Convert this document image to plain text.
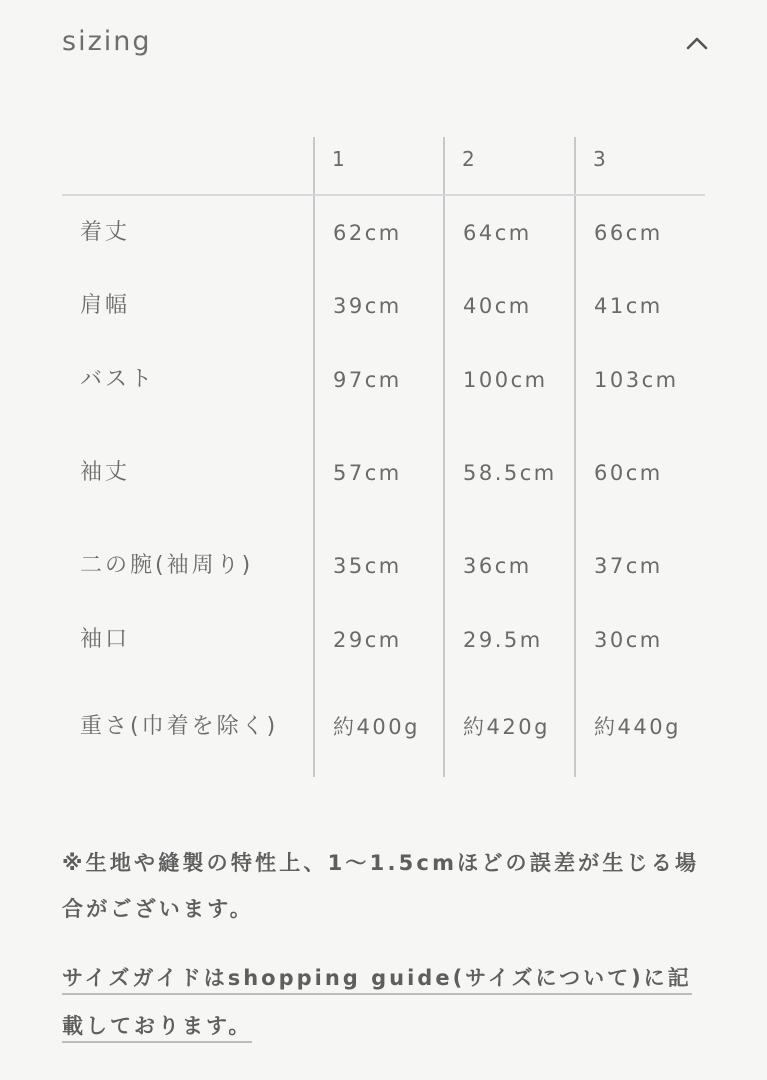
sizing
	1	2	3
着丈	62cm	64cm	66cm
肩幅	39cm	40cm	41cm
バスト	97cm	100cm	103cm
袖丈	57cm	58.5cm	60cm
二の腕(袖周り)	35cm	36cm	37cm
袖口	29cm	29.5m	30cm
重さ(巾着を除く)	約400g	約420g	約440g

※生地や縫製の特性上、1〜1.5cmほどの誤差が生じる場合がございます。

サイズガイドはshopping guide(サイズについて)に記載しております。
